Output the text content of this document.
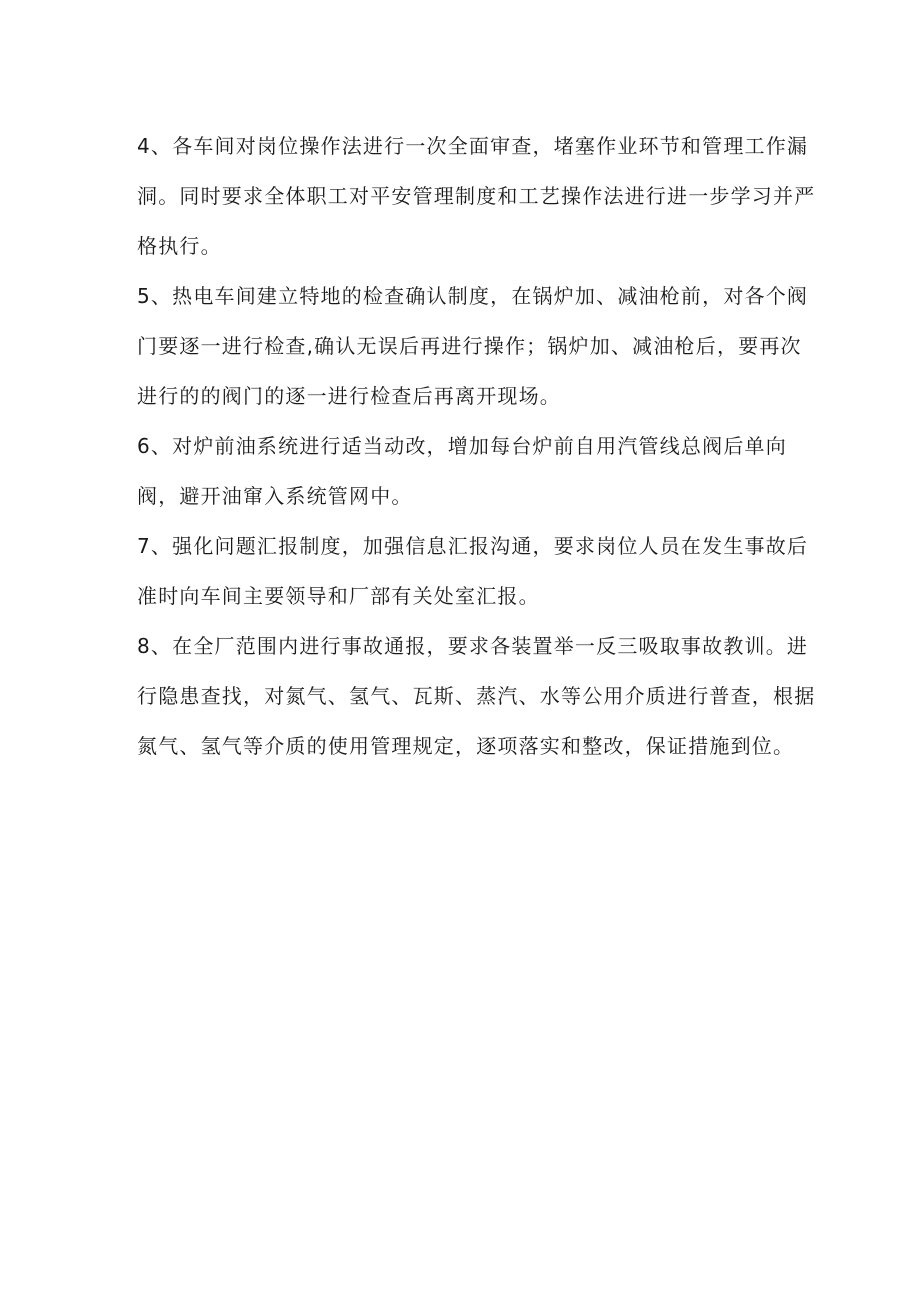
4、各车间对岗位操作法进行一次全面审查，堵塞作业环节和管理工作漏
洞。同时要求全体职工对平安管理制度和工艺操作法进行进一步学习并严
格执行。
5、热电车间建立特地的检查确认制度，在锅炉加、减油枪前，对各个阀
门要逐一进行检查,确认无误后再进行操作；锅炉加、减油枪后，要再次
进行的的阀门的逐一进行检查后再离开现场。
6、对炉前油系统进行适当动改，增加每台炉前自用汽管线总阀后单向
阀，避开油窜入系统管网中。
7、强化问题汇报制度，加强信息汇报沟通，要求岗位人员在发生事故后
准时向车间主要领导和厂部有关处室汇报。
8、在全厂范围内进行事故通报，要求各装置举一反三吸取事故教训。进
行隐患查找，对氮气、氢气、瓦斯、蒸汽、水等公用介质进行普查，根据
氮气、氢气等介质的使用管理规定，逐项落实和整改，保证措施到位。
